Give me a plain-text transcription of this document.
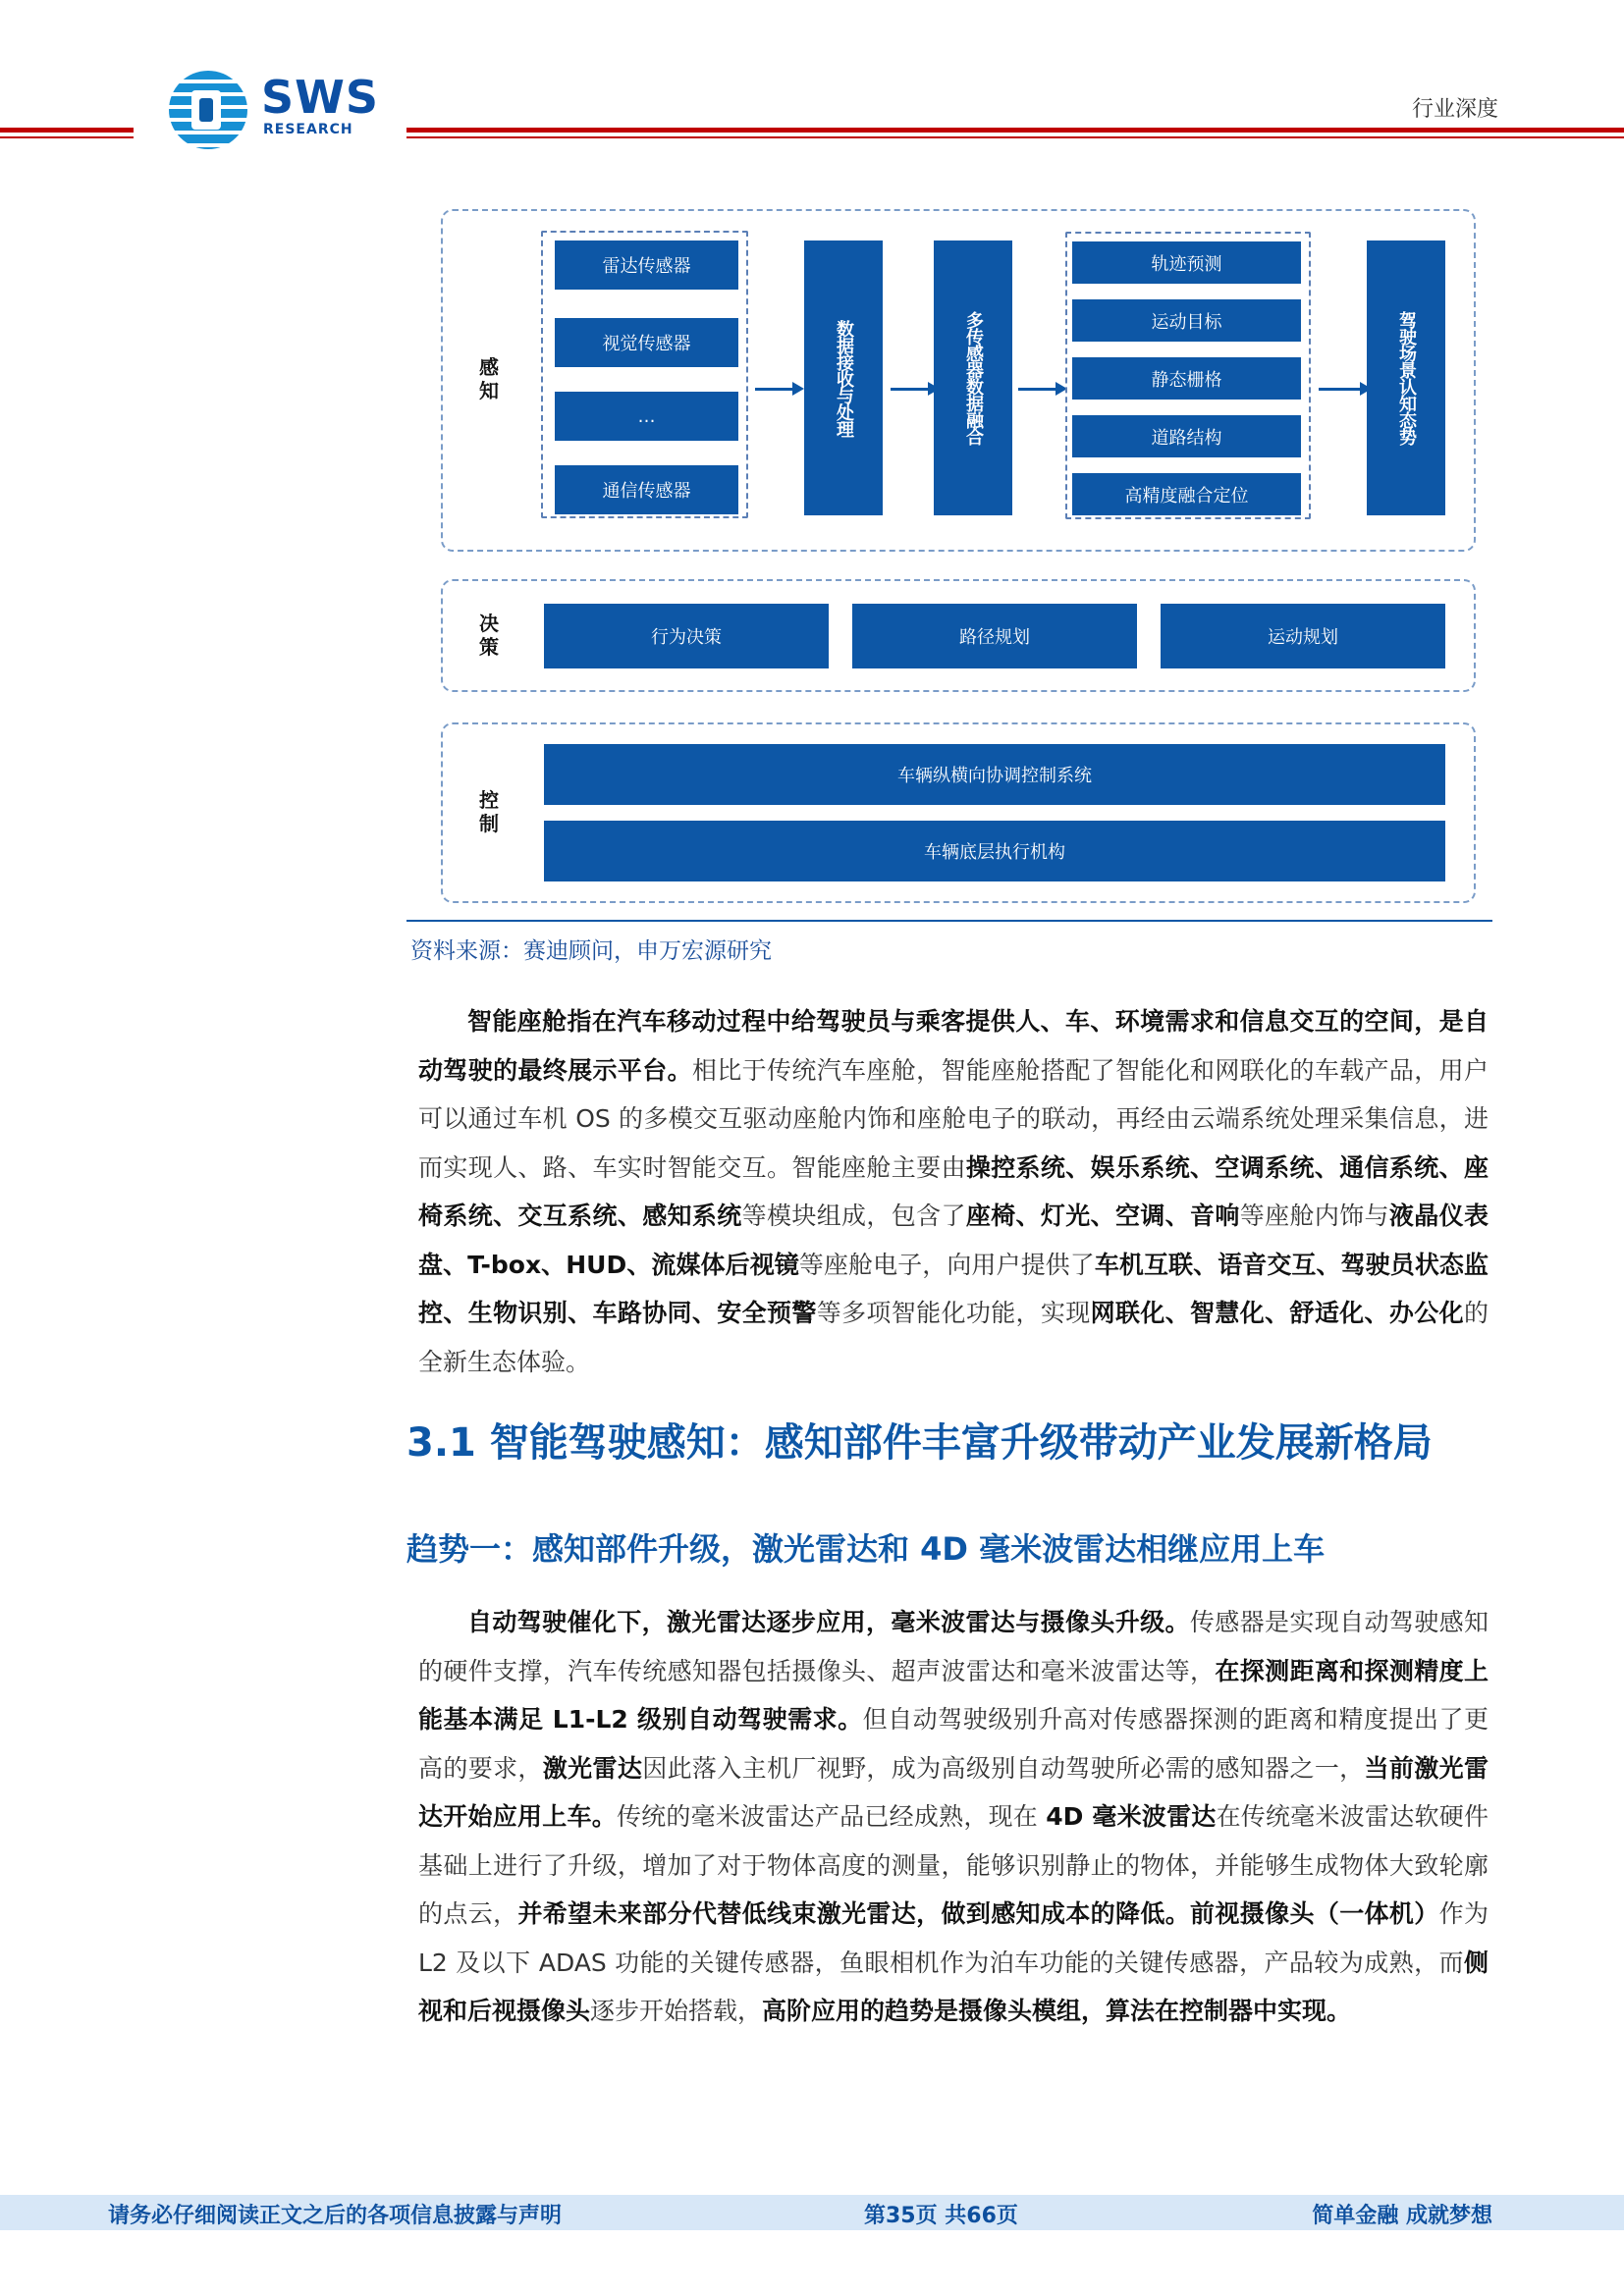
SWS
RESEARCH
行业深度
感知
雷达传感器
视觉传感器
…
通信传感器
数据接收与处理	多传感器数据融合
轨迹预测
运动目标
静态栅格
道路结构
高精度融合定位
驾驶场景认知态势
决策	行为决策	路径规划	运动规划
控制
车辆纵横向协调控制系统
车辆底层执行机构
资料来源：赛迪顾问，申万宏源研究

智能座舱指在汽车移动过程中给驾驶员与乘客提供人、车、环境需求和信息交互的空间，是自动驾驶的最终展示平台。相比于传统汽车座舱，智能座舱搭配了智能化和网联化的车载产品，用户可以通过车机 OS 的多模交互驱动座舱内饰和座舱电子的联动，再经由云端系统处理采集信息，进而实现人、路、车实时智能交互。智能座舱主要由操控系统、娱乐系统、空调系统、通信系统、座椅系统、交互系统、感知系统等模块组成，包含了座椅、灯光、空调、音响等座舱内饰与液晶仪表盘、T-box、HUD、流媒体后视镜等座舱电子，向用户提供了车机互联、语音交互、驾驶员状态监控、生物识别、车路协同、安全预警等多项智能化功能，实现网联化、智慧化、舒适化、办公化的全新生态体验。

3.1 智能驾驶感知：感知部件丰富升级带动产业发展新格局
趋势一：感知部件升级，激光雷达和 4D 毫米波雷达相继应用上车

自动驾驶催化下，激光雷达逐步应用，毫米波雷达与摄像头升级。传感器是实现自动驾驶感知的硬件支撑，汽车传统感知器包括摄像头、超声波雷达和毫米波雷达等，在探测距离和探测精度上能基本满足 L1-L2 级别自动驾驶需求。但自动驾驶级别升高对传感器探测的距离和精度提出了更高的要求，激光雷达因此落入主机厂视野，成为高级别自动驾驶所必需的感知器之一，当前激光雷达开始应用上车。传统的毫米波雷达产品已经成熟，现在 4D 毫米波雷达在传统毫米波雷达软硬件基础上进行了升级，增加了对于物体高度的测量，能够识别静止的物体，并能够生成物体大致轮廓的点云，并希望未来部分代替低线束激光雷达，做到感知成本的降低。前视摄像头（一体机）作为 L2 及以下 ADAS 功能的关键传感器，鱼眼相机作为泊车功能的关键传感器，产品较为成熟，而侧视和后视摄像头逐步开始搭载，高阶应用的趋势是摄像头模组，算法在控制器中实现。

请务必仔细阅读正文之后的各项信息披露与声明	第35页 共66页	简单金融 成就梦想
